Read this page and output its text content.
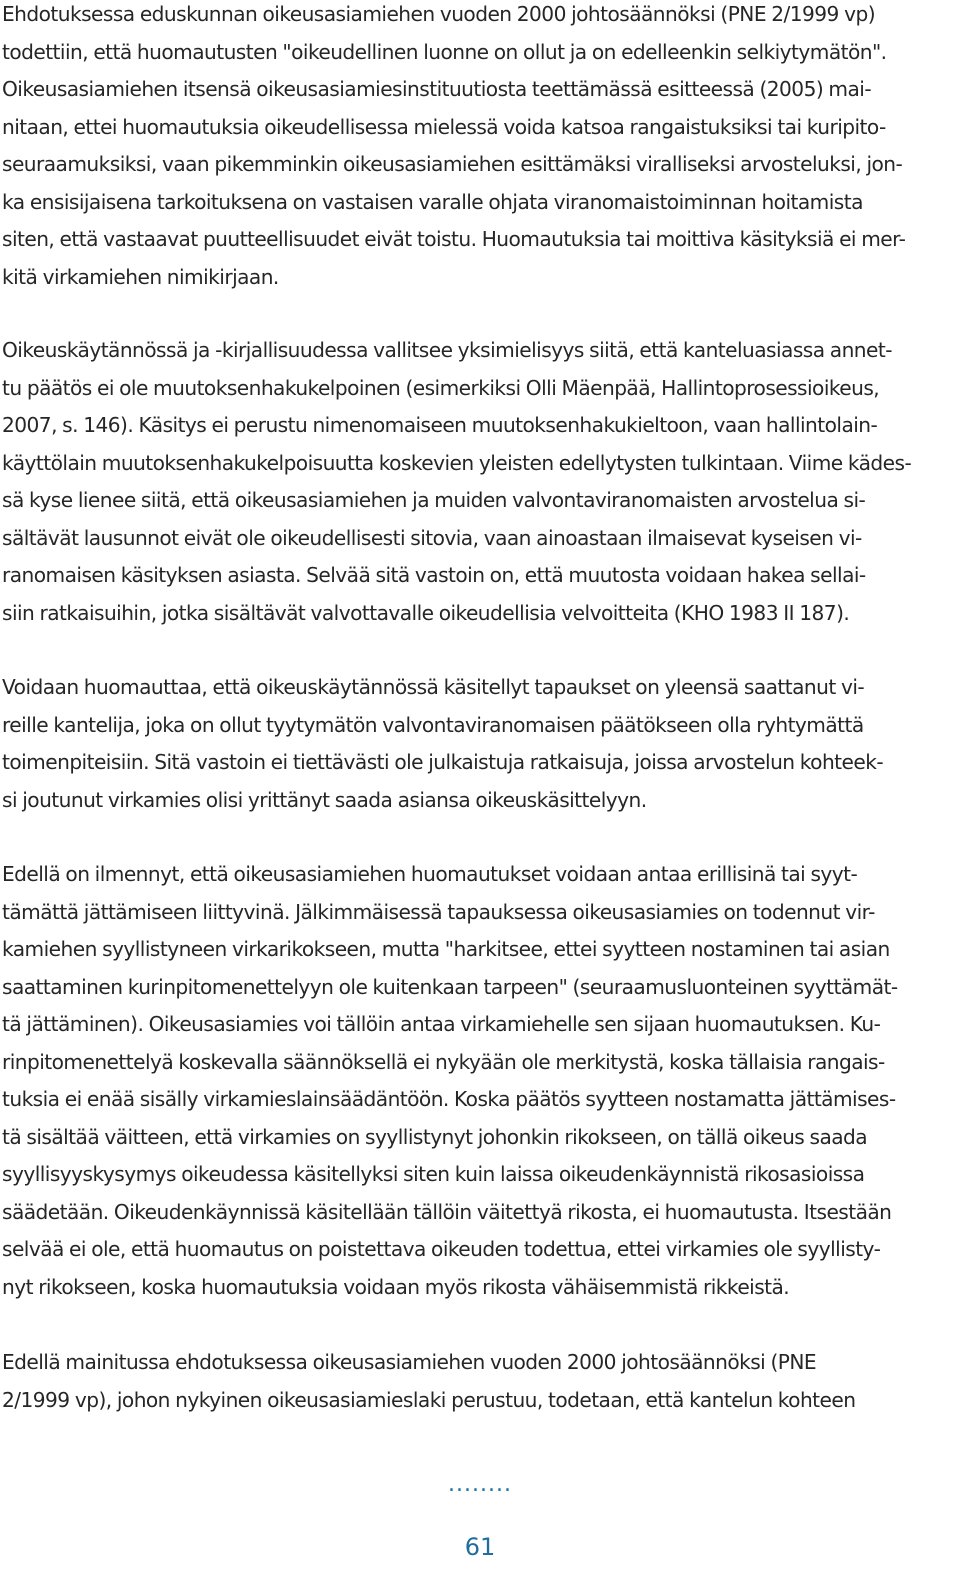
Ehdotuksessa eduskunnan oikeusasiamiehen vuoden 2000 johtosäännöksi (PNE 2/1999 vp)
todettiin, että huomautusten "oikeudellinen luonne on ollut ja on edelleenkin selkiytymätön".
Oikeusasiamiehen itsensä oikeusasiamiesinstituutiosta teettämässä esitteessä (2005) mai-
nitaan, ettei huomautuksia oikeudellisessa mielessä voida katsoa rangaistuksiksi tai kuripito-
seuraamuksiksi, vaan pikemminkin oikeusasiamiehen esittämäksi viralliseksi arvosteluksi, jon-
ka ensisijaisena tarkoituksena on vastaisen varalle ohjata viranomaistoiminnan hoitamista
siten, että vastaavat puutteellisuudet eivät toistu. Huomautuksia tai moittiva käsityksiä ei mer-
kitä virkamiehen nimikirjaan.
Oikeuskäytännössä ja -kirjallisuudessa vallitsee yksimielisyys siitä, että kanteluasiassa annet-
tu päätös ei ole muutoksenhakukelpoinen (esimerkiksi Olli Mäenpää, Hallintoprosessioikeus,
2007, s. 146). Käsitys ei perustu nimenomaiseen muutoksenhakukieltoon, vaan hallintolain-
käyttölain muutoksenhakukelpoisuutta koskevien yleisten edellytysten tulkintaan. Viime kädes-
sä kyse lienee siitä, että oikeusasiamiehen ja muiden valvontaviranomaisten arvostelua si-
sältävät lausunnot eivät ole oikeudellisesti sitovia, vaan ainoastaan ilmaisevat kyseisen vi-
ranomaisen käsityksen asiasta. Selvää sitä vastoin on, että muutosta voidaan hakea sellai-
siin ratkaisuihin, jotka sisältävät valvottavalle oikeudellisia velvoitteita (KHO 1983 II 187).
Voidaan huomauttaa, että oikeuskäytännössä käsitellyt tapaukset on yleensä saattanut vi-
reille kantelija, joka on ollut tyytymätön valvontaviranomaisen päätökseen olla ryhtymättä
toimenpiteisiin. Sitä vastoin ei tiettävästi ole julkaistuja ratkaisuja, joissa arvostelun kohteek-
si joutunut virkamies olisi yrittänyt saada asiansa oikeuskäsittelyyn.
Edellä on ilmennyt, että oikeusasiamiehen huomautukset voidaan antaa erillisinä tai syyt-
tämättä jättämiseen liittyvinä. Jälkimmäisessä tapauksessa oikeusasiamies on todennut vir-
kamiehen syyllistyneen virkarikokseen, mutta "harkitsee, ettei syytteen nostaminen tai asian
saattaminen kurinpitomenettelyyn ole kuitenkaan tarpeen" (seuraamusluonteinen syyttämät-
tä jättäminen). Oikeusasiamies voi tällöin antaa virkamiehelle sen sijaan huomautuksen. Ku-
rinpitomenettelyä koskevalla säännöksellä ei nykyään ole merkitystä, koska tällaisia rangais-
tuksia ei enää sisälly virkamieslainsäädäntöön. Koska päätös syytteen nostamatta jättämises-
tä sisältää väitteen, että virkamies on syyllistynyt johonkin rikokseen, on tällä oikeus saada
syyllisyyskysymys oikeudessa käsitellyksi siten kuin laissa oikeudenkäynnistä rikosasioissa
säädetään. Oikeudenkäynnissä käsitellään tällöin väitettyä rikosta, ei huomautusta. Itsestään
selvää ei ole, että huomautus on poistettava oikeuden todettua, ettei virkamies ole syyllisty-
nyt rikokseen, koska huomautuksia voidaan myös rikosta vähäisemmistä rikkeistä.
Edellä mainitussa ehdotuksessa oikeusasiamiehen vuoden 2000 johtosäännöksi (PNE
2/1999 vp), johon nykyinen oikeusasiamieslaki perustuu, todetaan, että kantelun kohteen
........
61
